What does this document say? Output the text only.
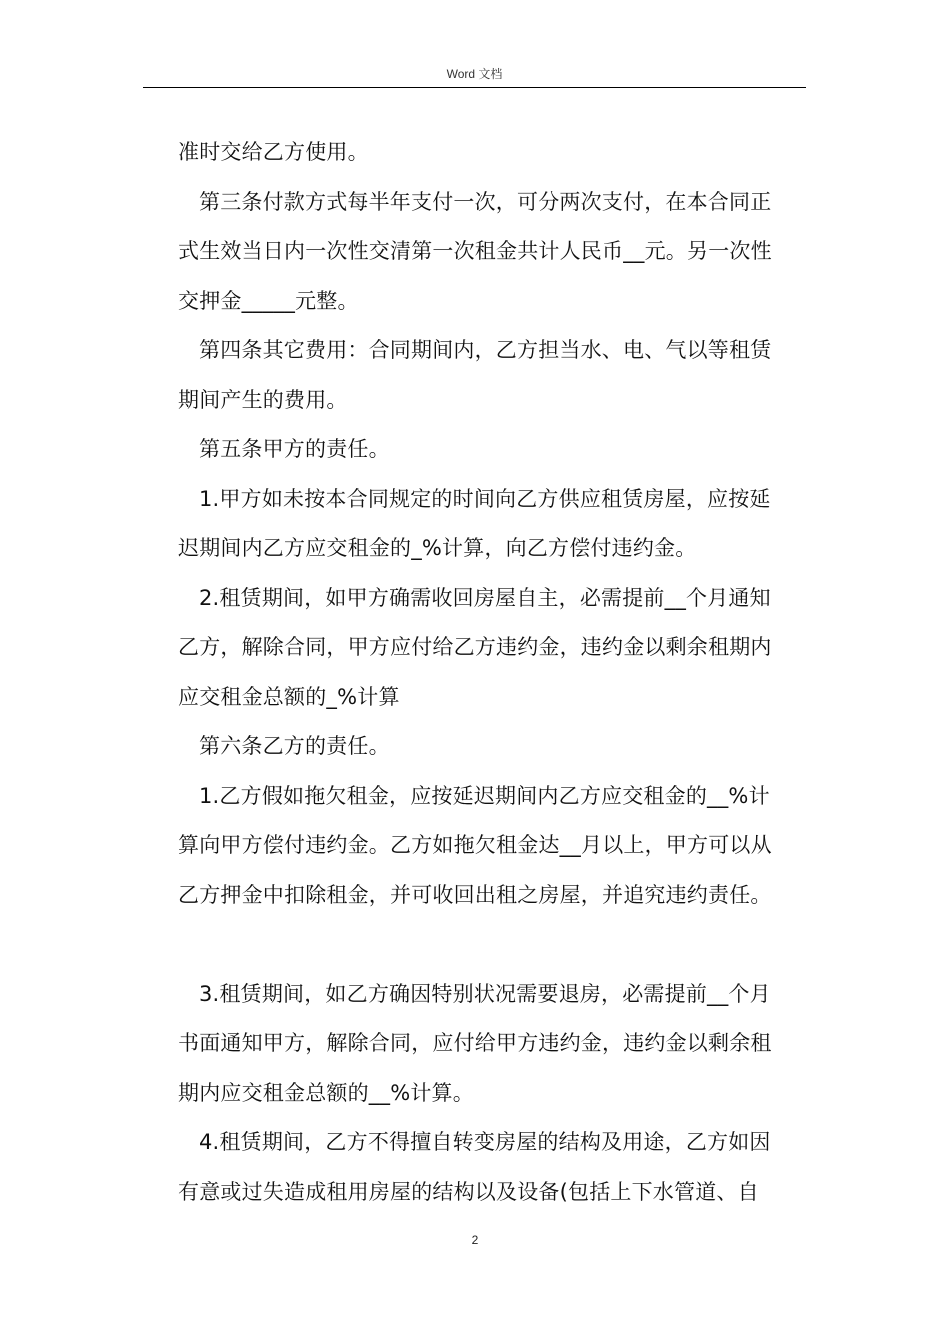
Word 文档

准时交给乙方使用。

第三条付款方式每半年支付一次，可分两次支付，在本合同正

式生效当日内一次性交清第一次租金共计人民币__元。另一次性

交押金_____元整。

第四条其它费用：合同期间内，乙方担当水、电、气以等租赁

期间产生的费用。

第五条甲方的责任。

1.甲方如未按本合同规定的时间向乙方供应租赁房屋，应按延

迟期间内乙方应交租金的_%计算，向乙方偿付违约金。

2.租赁期间，如甲方确需收回房屋自主，必需提前__个月通知

乙方，解除合同，甲方应付给乙方违约金，违约金以剩余租期内

应交租金总额的_%计算

第六条乙方的责任。

1.乙方假如拖欠租金，应按延迟期间内乙方应交租金的__%计

算向甲方偿付违约金。乙方如拖欠租金达__月以上，甲方可以从

乙方押金中扣除租金，并可收回出租之房屋，并追究违约责任。

3.租赁期间，如乙方确因特别状况需要退房，必需提前__个月

书面通知甲方，解除合同，应付给甲方违约金，违约金以剩余租

期内应交租金总额的__%计算。

4.租赁期间，乙方不得擅自转变房屋的结构及用途，乙方如因

有意或过失造成租用房屋的结构以及设备(包括上下水管道、自

2
